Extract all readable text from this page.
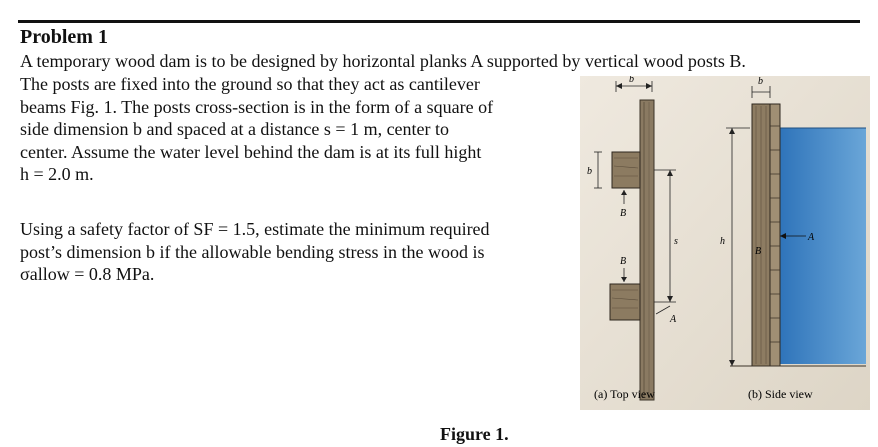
Problem 1
A temporary wood dam is to be designed by horizontal planks A supported by vertical wood posts B.
The posts are fixed into the ground so that they act as cantilever
beams Fig. 1. The posts cross-section is in the form of a square of
side dimension b and spaced at a distance s = 1 m, center to
center. Assume the water level behind the dam is at its full hight
h = 2.0 m.
Using a safety factor of SF = 1.5, estimate the minimum required
post’s dimension b if the allowable bending stress in the wood is
σallow = 0.8 MPa.
b
b
B
B
s
A
(a) Top view
b
h
B
A
(b) Side view
Figure 1.
